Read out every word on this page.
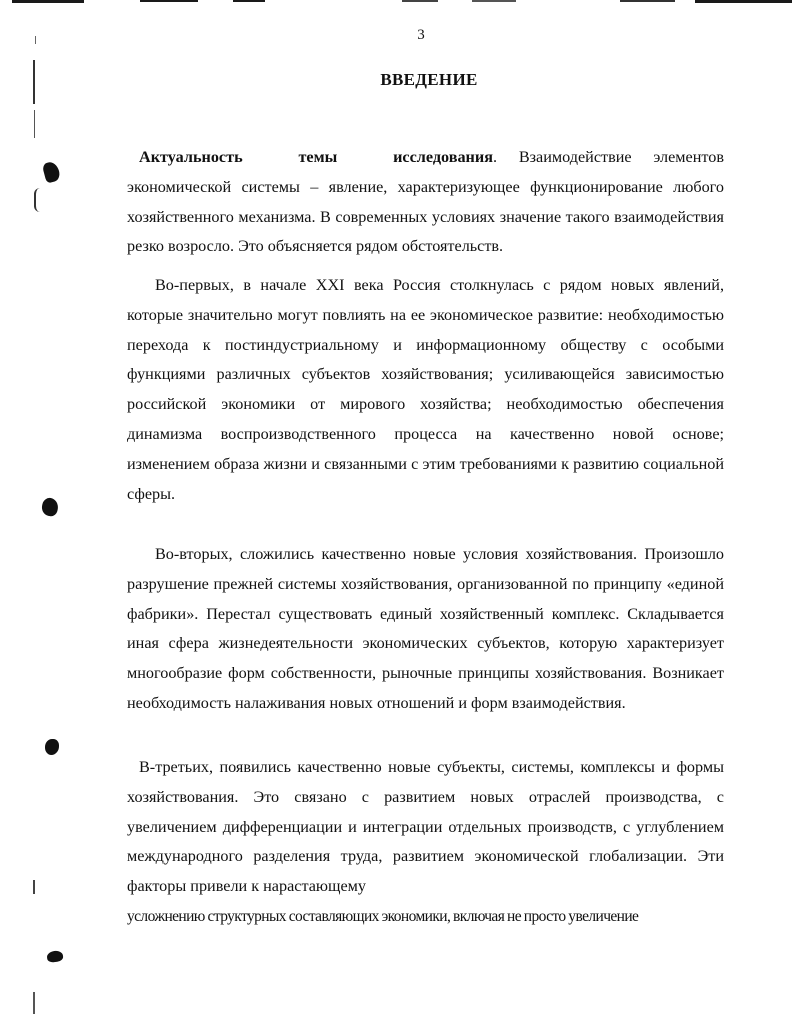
3
ВВЕДЕНИЕ
Актуальность темы исследования. Взаимодействие элементов экономической системы – явление, характеризующее функционирование любого хозяйственного механизма. В современных условиях значение такого взаимодействия резко возросло. Это объясняется рядом обстоятельств.
Во-первых, в начале XXI века Россия столкнулась с рядом новых явлений, которые значительно могут повлиять на ее экономическое развитие: необходимостью перехода к постиндустриальному и информационному обществу с особыми функциями различных субъектов хозяйствования; усиливающейся зависимостью российской экономики от мирового хозяйства; необходимостью обеспечения динамизма воспроизводственного процесса на качественно новой основе; изменением образа жизни и связанными с этим требованиями к развитию социальной сферы.
Во-вторых, сложились качественно новые условия хозяйствования. Произошло разрушение прежней системы хозяйствования, организованной по принципу «единой фабрики». Перестал существовать единый хозяйственный комплекс. Складывается иная сфера жизнедеятельности экономических субъектов, которую характеризует многообразие форм собственности, рыночные принципы хозяйствования. Возникает необходимость налаживания новых отношений и форм взаимодействия.
В-третьих, появились качественно новые субъекты, системы, комплексы и формы хозяйствования. Это связано с развитием новых отраслей производства, с увеличением дифференциации и интеграции отдельных производств, с углублением международного разделения труда, развитием экономической глобализации. Эти факторы привели к нарастающему
усложнению структурных составляющих экономики, включая не просто увеличение
